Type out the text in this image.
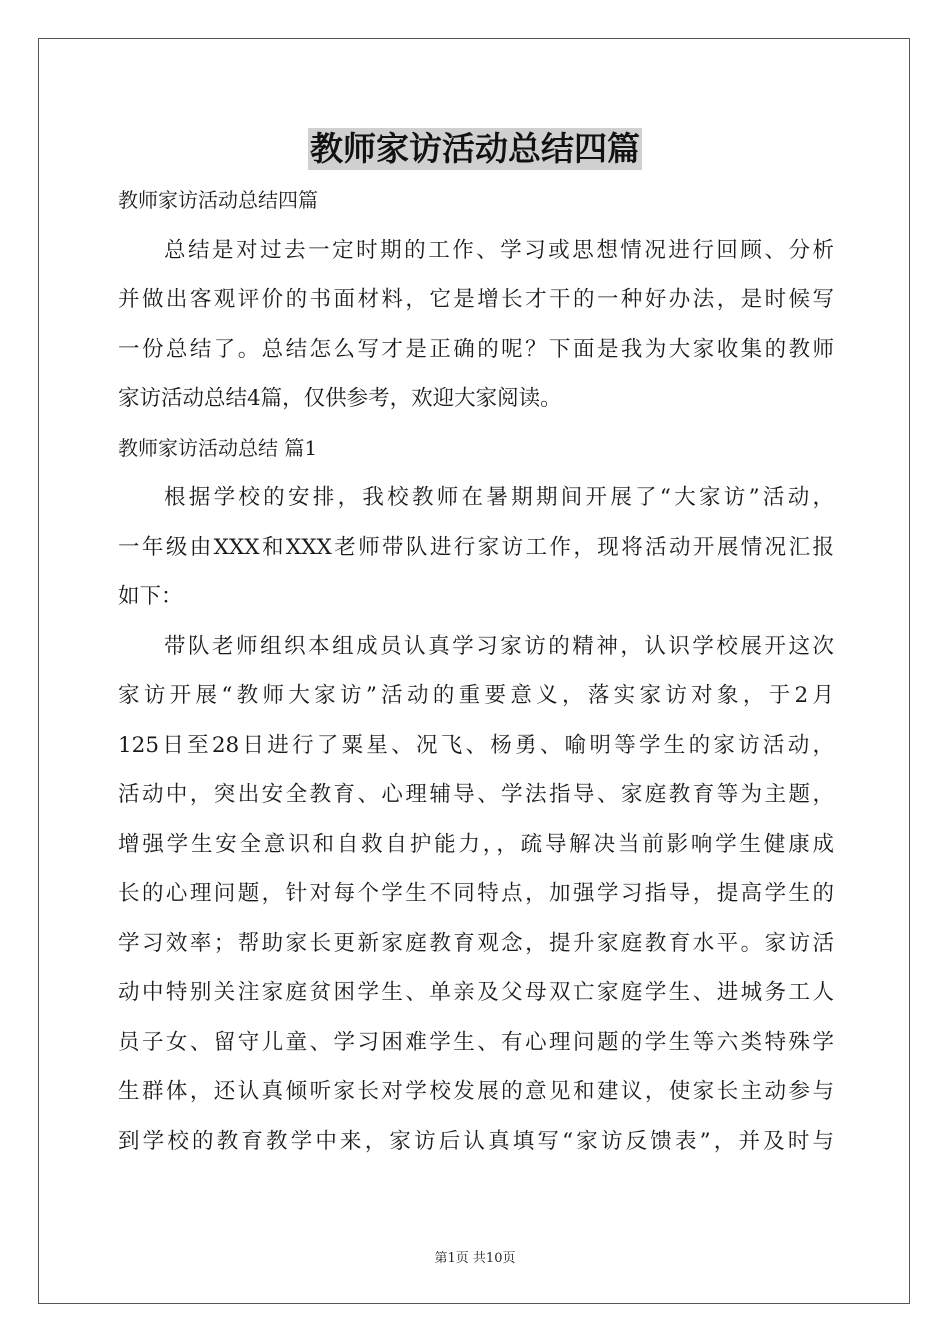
教师家访活动总结四篇
教师家访活动总结四篇
总结是对过去一定时期的工作、学习或思想情况进行回顾、分析
并做出客观评价的书面材料，它是增长才干的一种好办法，是时候写
一份总结了。总结怎么写才是正确的呢？下面是我为大家收集的教师
家访活动总结4篇，仅供参考，欢迎大家阅读。
教师家访活动总结 篇1
根据学校的安排，我校教师在暑期期间开展了“大家访”活动，
一年级由XXX和XXX老师带队进行家访工作，现将活动开展情况汇报
如下：
带队老师组织本组成员认真学习家访的精神，认识学校展开这次
家访开展“教师大家访”活动的重要意义，落实家访对象，于2月
125日至28日进行了粟星、况飞、杨勇、喻明等学生的家访活动，
活动中，突出安全教育、心理辅导、学法指导、家庭教育等为主题，
增强学生安全意识和自救自护能力，，疏导解决当前影响学生健康成
长的心理问题，针对每个学生不同特点，加强学习指导，提高学生的
学习效率；帮助家长更新家庭教育观念，提升家庭教育水平。家访活
动中特别关注家庭贫困学生、单亲及父母双亡家庭学生、进城务工人
员子女、留守儿童、学习困难学生、有心理问题的学生等六类特殊学
生群体，还认真倾听家长对学校发展的意见和建议，使家长主动参与
到学校的教育教学中来，家访后认真填写“家访反馈表”，并及时与
第1页 共10页
